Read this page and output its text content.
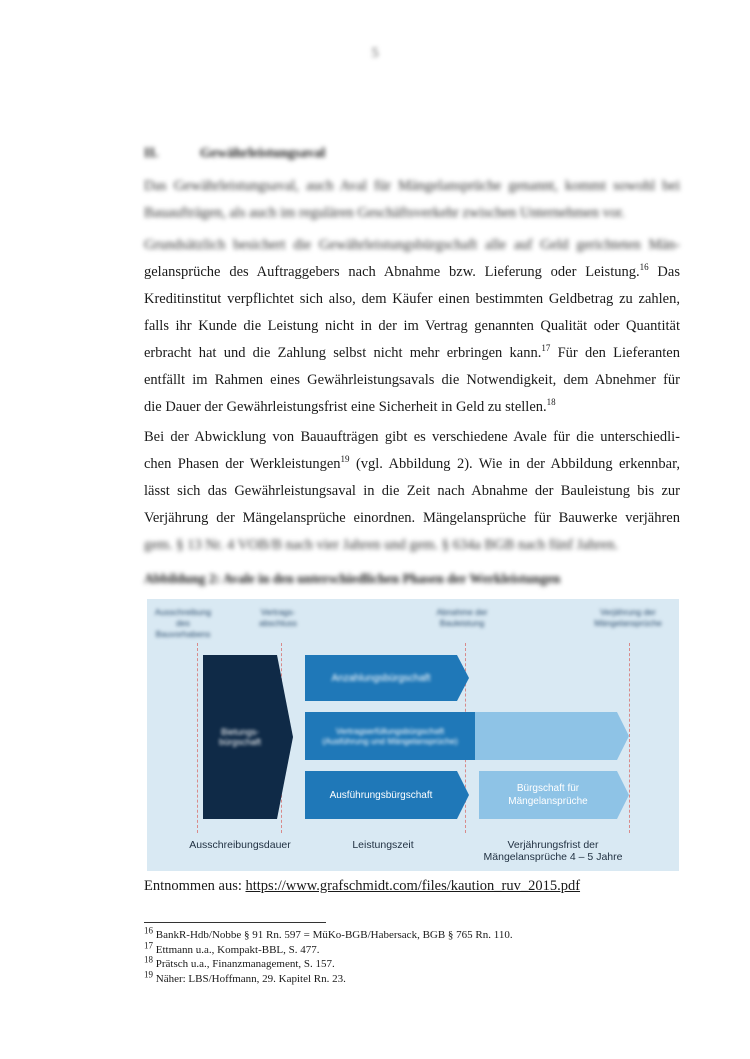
5
II.	Gewährleistungsaval
Das Gewährleistungsaval, auch Aval für Mängelansprüche genannt, kommt sowohl bei
Bauaufträgen, als auch im regulären Geschäftsverkehr zwischen Unternehmen vor.
Grundsätzlich besichert die Gewährleistungsbürgschaft alle auf Geld gerichteten Män-
gelansprüche des Auftraggebers nach Abnahme bzw. Lieferung oder Leistung.$^{16}$ Das
Kreditinstitut verpflichtet sich also, dem Käufer einen bestimmten Geldbetrag zu zahlen,
falls ihr Kunde die Leistung nicht in der im Vertrag genannten Qualität oder Quantität
erbracht hat und die Zahlung selbst nicht mehr erbringen kann.$^{17}$ Für den Lieferanten
entfällt im Rahmen eines Gewährleistungsavals die Notwendigkeit, dem Abnehmer für
die Dauer der Gewährleistungsfrist eine Sicherheit in Geld zu stellen.$^{18}$
Bei der Abwicklung von Bauaufträgen gibt es verschiedene Avale für die unterschiedli-
chen Phasen der Werkleistungen$^{19}$ (vgl. Abbildung 2). Wie in der Abbildung erkennbar,
lässt sich das Gewährleistungsaval in die Zeit nach Abnahme der Bauleistung bis zur
Verjährung der Mängelansprüche einordnen. Mängelansprüche für Bauwerke verjähren
gem. § 13 Nr. 4 VOB/B nach vier Jahren und gem. § 634a BGB nach fünf Jahren.
Abbildung 2: Avale in den unterschiedlichen Phasen der Werkleistungen
Ausschreibung des Bauvorhabens
Vertrags-abschluss
Abnahme der Bauleistung
Verjährung der Mängelansprüche
Bietungs-bürgschaft
Anzahlungsbürgschaft
Vertragserfüllungsbürgschaft (Ausführung und Mängelansprüche)
Ausführungsbürgschaft
Bürgschaft für Mängelansprüche
Ausschreibungsdauer	Leistungszeit	Verjährungsfrist der Mängelansprüche 4 – 5 Jahre
Entnommen aus: https://www.grafschmidt.com/files/kaution_ruv_2015.pdf
$^{16}$ BankR-Hdb/Nobbe § 91 Rn. 597 = MüKo-BGB/Habersack, BGB § 765 Rn. 110.
$^{17}$ Ettmann u.a., Kompakt-BBL, S. 477.
$^{18}$ Prätsch u.a., Finanzmanagement, S. 157.
$^{19}$ Näher: LBS/Hoffmann, 29. Kapitel Rn. 23.
